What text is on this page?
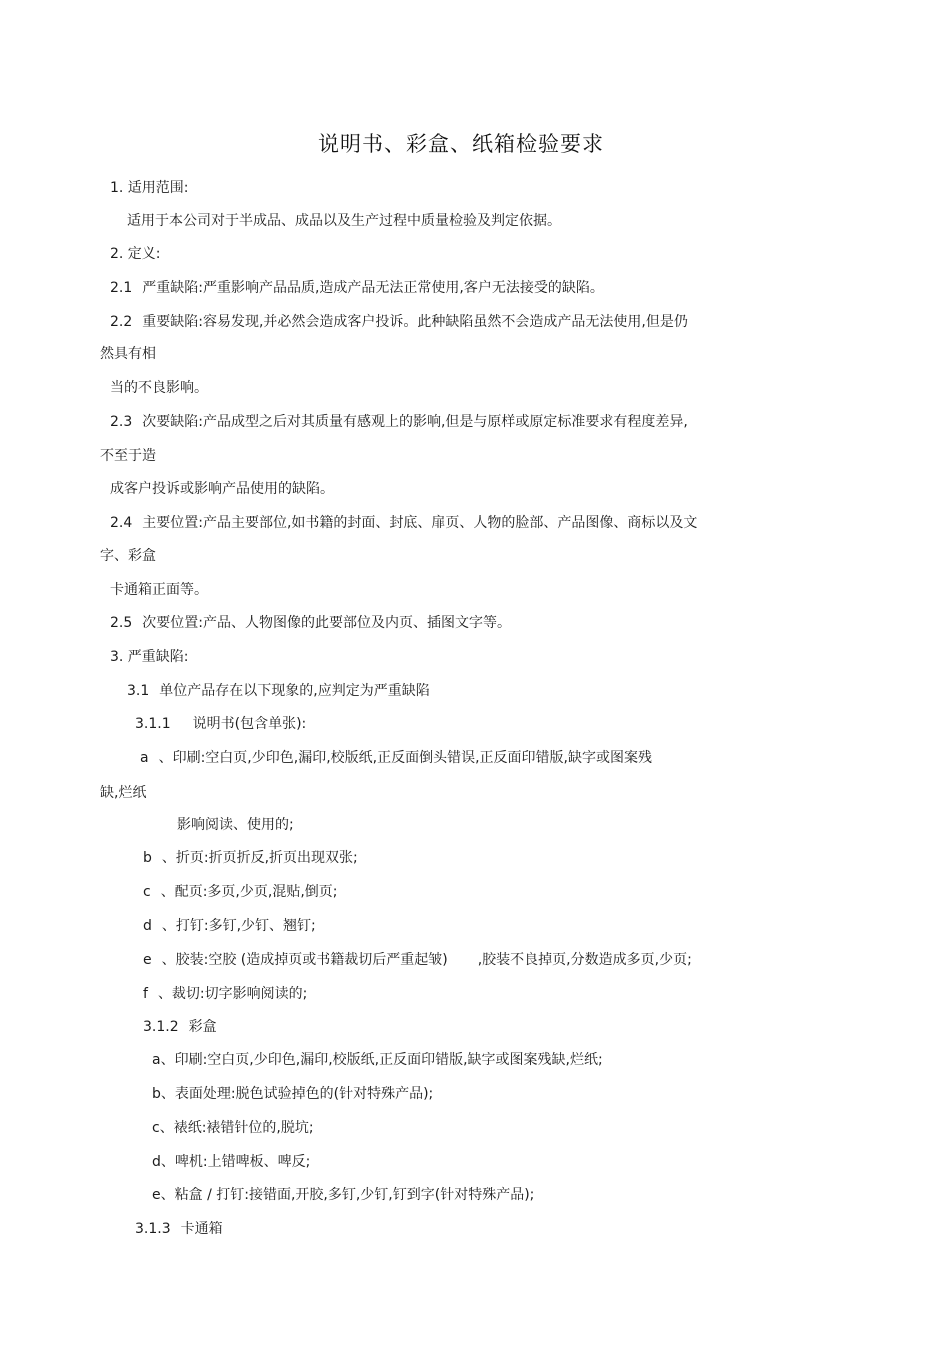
说明书、彩盒、纸箱检验要求
1. 适用范围:
适用于本公司对于半成品、成品以及生产过程中质量检验及判定依据。
2. 定义:
2.1 严重缺陷:严重影响产品品质,造成产品无法正常使用,客户无法接受的缺陷。
2.2 重要缺陷:容易发现,并必然会造成客户投诉。此种缺陷虽然不会造成产品无法使用,但是仍
然具有相
当的不良影响。
2.3 次要缺陷:产品成型之后对其质量有感观上的影响,但是与原样或原定标准要求有程度差异,
不至于造
成客户投诉或影响产品使用的缺陷。
2.4 主要位置:产品主要部位,如书籍的封面、封底、扉页、人物的脸部、产品图像、商标以及文
字、彩盒
卡通箱正面等。
2.5 次要位置:产品、人物图像的此要部位及内页、插图文字等。
3. 严重缺陷:
3.1 单位产品存在以下现象的,应判定为严重缺陷
3.1.1 说明书(包含单张):
a 、印刷:空白页,少印色,漏印,校版纸,正反面倒头错误,正反面印错版,缺字或图案残
缺,烂纸
影响阅读、使用的;
b 、折页:折页折反,折页出现双张;
c 、配页:多页,少页,混贴,倒页;
d 、打钉:多钉,少钉、翘钉;
e 、胶装:空胶 (造成掉页或书籍裁切后严重起皱) ,胶装不良掉页,分数造成多页,少页;
f 、裁切:切字影响阅读的;
3.1.2 彩盒
a、印刷:空白页,少印色,漏印,校版纸,正反面印错版,缺字或图案残缺,烂纸;
b、表面处理:脱色试验掉色的(针对特殊产品);
c、裱纸:裱错针位的,脱坑;
d、啤机:上错啤板、啤反;
e、粘盒 / 打钉:接错面,开胶,多钉,少钉,钉到字(针对特殊产品);
3.1.3 卡通箱
